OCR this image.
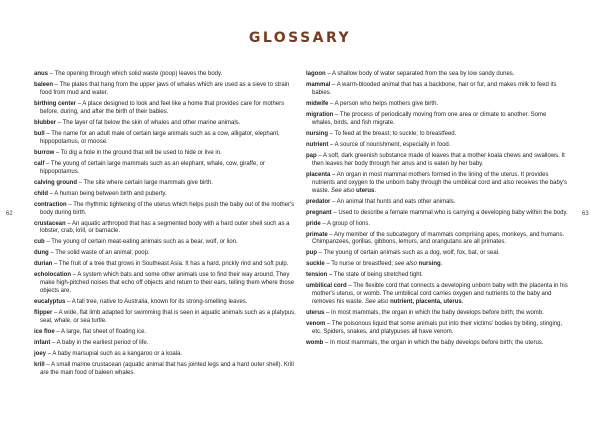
GLOSSARY
62	63
anus – The opening through which solid waste (poop) leaves the body.
baleen – The plates that hang from the upper jaws of whales which are used as a sieve to strain food from mud and water.
birthing center – A place designed to look and feel like a home that provides care for mothers before, during, and after the birth of their babies.
blubber – The layer of fat below the skin of whales and other marine animals.
bull – The name for an adult male of certain large animals such as a cow, alligator, elephant, hippopotamus, or moose.
burrow – To dig a hole in the ground that will be used to hide or live in.
calf – The young of certain large mammals such as an elephant, whale, cow, giraffe, or hippopotamus.
calving ground – The site where certain large mammals give birth.
child – A human being between birth and puberty.
contraction – The rhythmic tightening of the uterus which helps push the baby out of the mother's body during birth.
crustacean – An aquatic arthropod that has a segmented body with a hard outer shell such as a lobster, crab, krill, or barnacle.
cub – The young of certain meat-eating animals such as a bear, wolf, or lion.
dung – The solid waste of an animal; poop.
durian – The fruit of a tree that grows in Southeast Asia. It has a hard, prickly rind and soft pulp.
echolocation – A system which bats and some other animals use to find their way around. They make high-pitched noises that echo off objects and return to their ears, telling them where those objects are.
eucalyptus – A tall tree, native to Australia, known for its strong-smelling leaves.
flipper – A wide, flat limb adapted for swimming that is seen in aquatic animals such as a platypus, seal, whale, or sea turtle.
ice floe – A large, flat sheet of floating ice.
infant – A baby in the earliest period of life.
joey – A baby marsupial such as a kangaroo or a koala.
krill – A small marine crustacean (aquatic animal that has jointed legs and a hard outer shell). Krill are the main food of baleen whales.
lagoon – A shallow body of water separated from the sea by low sandy dunes.
mammal – A warm-blooded animal that has a backbone, hair or fur, and makes milk to feed its babies.
midwife – A person who helps mothers give birth.
migration – The process of periodically moving from one area or climate to another. Some whales, birds, and fish migrate.
nursing – To feed at the breast; to suckle; to breastfeed.
nutrient – A source of nourishment, especially in food.
pap – A soft, dark greenish substance made of leaves that a mother koala chews and swallows. It then leaves her body through her anus and is eaten by her baby.
placenta – An organ in most mammal mothers formed in the lining of the uterus. It provides nutrients and oxygen to the unborn baby through the umbilical cord and also receives the baby's waste. See also uterus.
predator – An animal that hunts and eats other animals.
pregnant – Used to describe a female mammal who is carrying a developing baby within the body.
pride – A group of lions.
primate – Any member of the subcategory of mammals comprising apes, monkeys, and humans. Chimpanzees, gorillas, gibbons, lemurs, and orangutans are all primates.
pup – The young of certain animals such as a dog, wolf, fox, bat, or seal.
suckle – To nurse or breastfeed; see also nursing.
tension – The state of being stretched tight.
umbilical cord – The flexible cord that connects a developing unborn baby with the placenta in his mother's uterus, or womb. The umbilical cord carries oxygen and nutrients to the baby and removes his waste. See also nutrient, placenta, uterus.
uterus – In most mammals, the organ in which the baby develops before birth; the womb.
venom – The poisonous liquid that some animals put into their victims' bodies by biting, stinging, etc. Spiders, snakes, and platypuses all have venom.
womb – In most mammals, the organ in which the baby develops before birth; the uterus.
